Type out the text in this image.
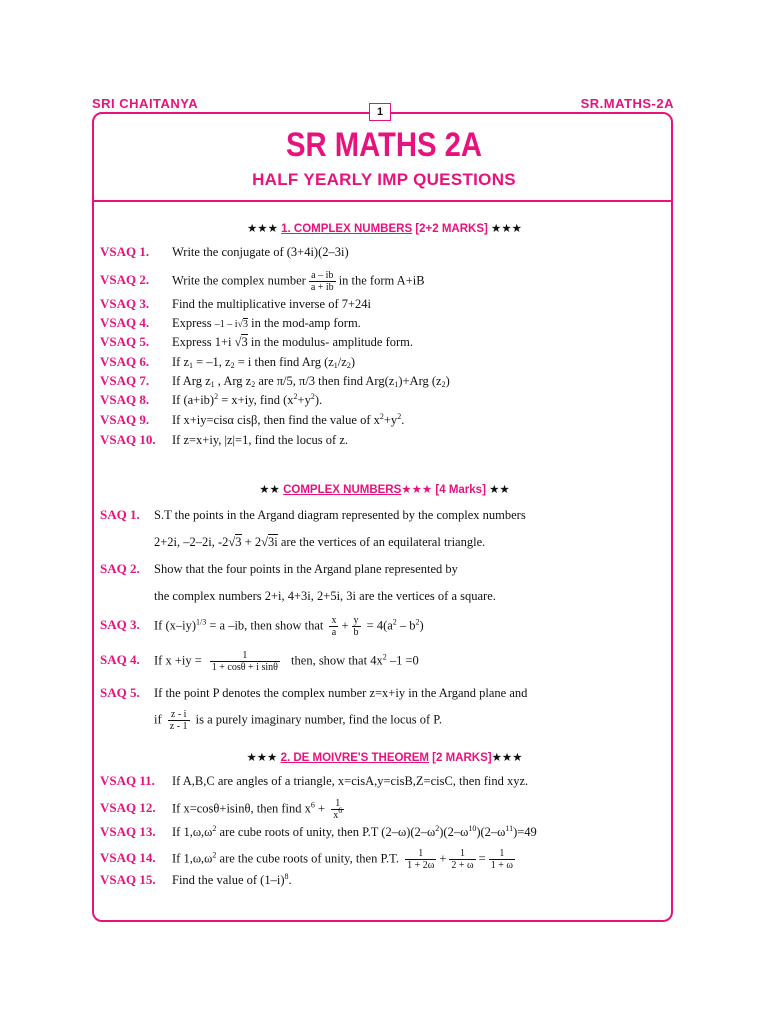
SRI CHAITANYA	SR.MATHS-2A
1
SR MATHS 2A
HALF YEARLY IMP QUESTIONS
★★★ 1. COMPLEX NUMBERS [2+2 MARKS] ★★★
VSAQ 1. Write the conjugate of (3+4i)(2–3i)
VSAQ 2. Write the complex number $\frac{a - ib}{a + ib}$ in the form A+iB
VSAQ 3. Find the multiplicative inverse of 7+24i
VSAQ 4. Express –1 – i√3 in the mod-amp form.
VSAQ 5. Express 1+i √3 in the modulus- amplitude form.
VSAQ 6. If $z_1 = -1$, $z_2 = i$ then find Arg $(z_1/z_2)$
VSAQ 7. If Arg $z_1$ , Arg $z_2$ are π/5, π/3 then find $Arg(z_1)+Arg$ $(z_2)$
VSAQ 8. If $(a+ib)^2 = x+iy$, find $(x^2+y^2)$.
VSAQ 9. If x+iy=cisα cisβ, then find the value of $x^2+y^2$.
VSAQ 10. If z=x+iy, |z|=1, find the locus of z.
★★ COMPLEX NUMBERS★★★ [4 Marks] ★★
SAQ 1. S.T the points in the Argand diagram represented by the complex numbers
2+2i, –2–2i, -2√3 + 2√3i are the vertices of an equilateral triangle.
SAQ 2. Show that the four points in the Argand plane represented by
the complex numbers 2+i, 4+3i, 2+5i, 3i are the vertices of a square.
SAQ 3. If $(x-iy)^{1/3} = a$ –ib, then show that $\frac{x}{a} + \frac{y}{b} = 4(a^2 - b^2)$
SAQ 4. If $x +iy = \frac{1}{\text{1 + cosθ + i sinθ}}$ then, show that $4x^2$ –1 =0
SAQ 5. If the point P denotes the complex number z=x+iy in the Argand plane and
if $\frac{z - i}{z - 1}$ is a purely imaginary number, find the locus of P.
★★★ 2. DE MOIVRE'S THEOREM [2 MARKS]★★★
VSAQ 11. If A,B,C are angles of a triangle, x=cisA,y=cisB,Z=cisC, then find xyz.
VSAQ 12. If x=cosθ+isinθ, then find $x^6 + \frac{1}{x^6}$
VSAQ 13. If $1,\omega,\omega^2$ are cube roots of unity, then P.T $(2-\omega)(2-\omega^2)(2-\omega^{10})(2-\omega^{11})=49$
VSAQ 14. If $1,\omega,\omega^2$ are the cube roots of unity, then P.T. $\frac{1}{1 + 2\omega} + \frac{1}{2 + \omega} = \frac{1}{1 + \omega}$
VSAQ 15. Find the value of $(1-i)^8$.
